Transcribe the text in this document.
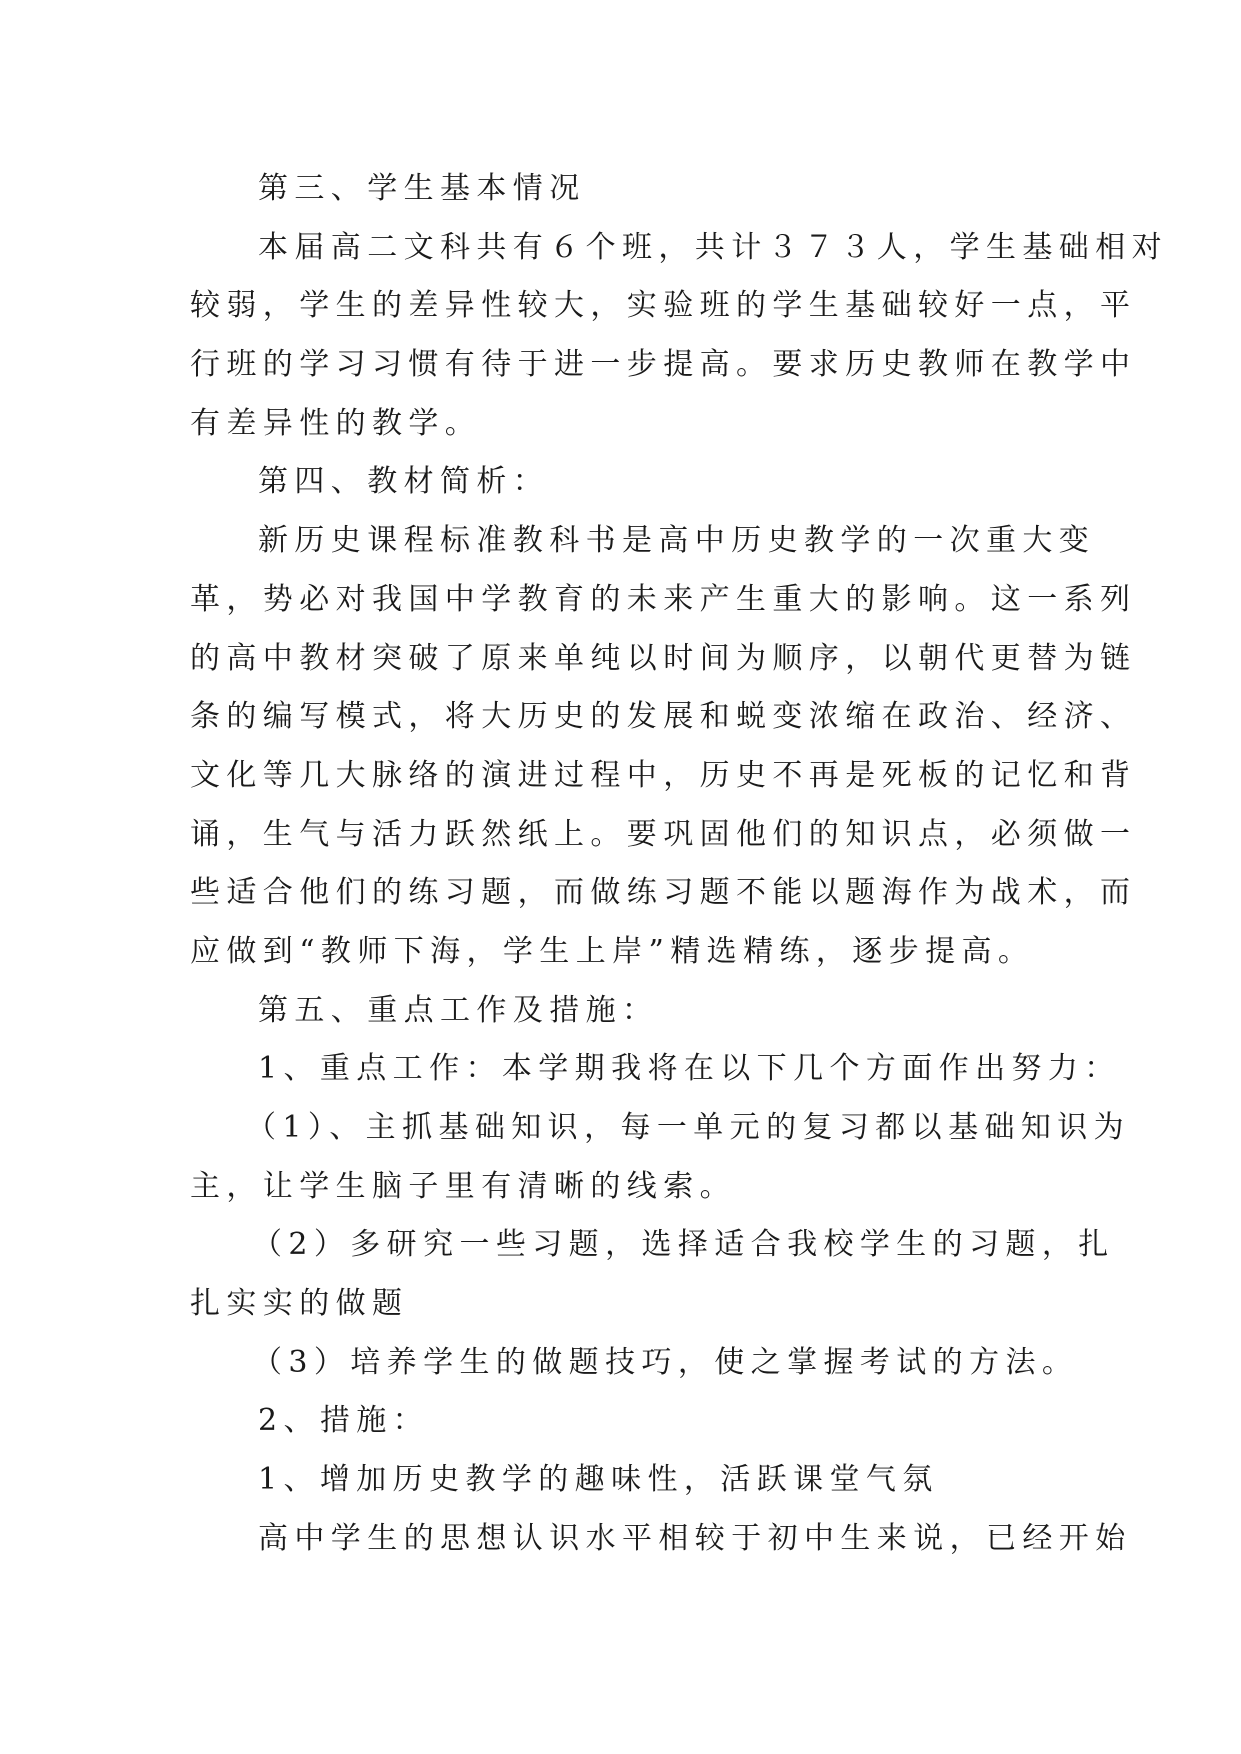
第三、学生基本情况
本届高二文科共有６个班，共计３７３人，学生基础相对
较弱，学生的差异性较大，实验班的学生基础较好一点，平
行班的学习习惯有待于进一步提高。要求历史教师在教学中
有差异性的教学。
第四、教材简析：
新历史课程标准教科书是高中历史教学的一次重大变
革，势必对我国中学教育的未来产生重大的影响。这一系列
的高中教材突破了原来单纯以时间为顺序，以朝代更替为链
条的编写模式，将大历史的发展和蜕变浓缩在政治、经济、
文化等几大脉络的演进过程中，历史不再是死板的记忆和背
诵，生气与活力跃然纸上。要巩固他们的知识点，必须做一
些适合他们的练习题，而做练习题不能以题海作为战术，而
应做到“教师下海，学生上岸”精选精练，逐步提高。
第五、重点工作及措施：
1、重点工作：本学期我将在以下几个方面作出努力：
（1）、主抓基础知识，每一单元的复习都以基础知识为
主，让学生脑子里有清晰的线索。
（2）多研究一些习题，选择适合我校学生的习题，扎
扎实实的做题
（3）培养学生的做题技巧，使之掌握考试的方法。
2、措施：
1、增加历史教学的趣味性，活跃课堂气氛
高中学生的思想认识水平相较于初中生来说，已经开始
